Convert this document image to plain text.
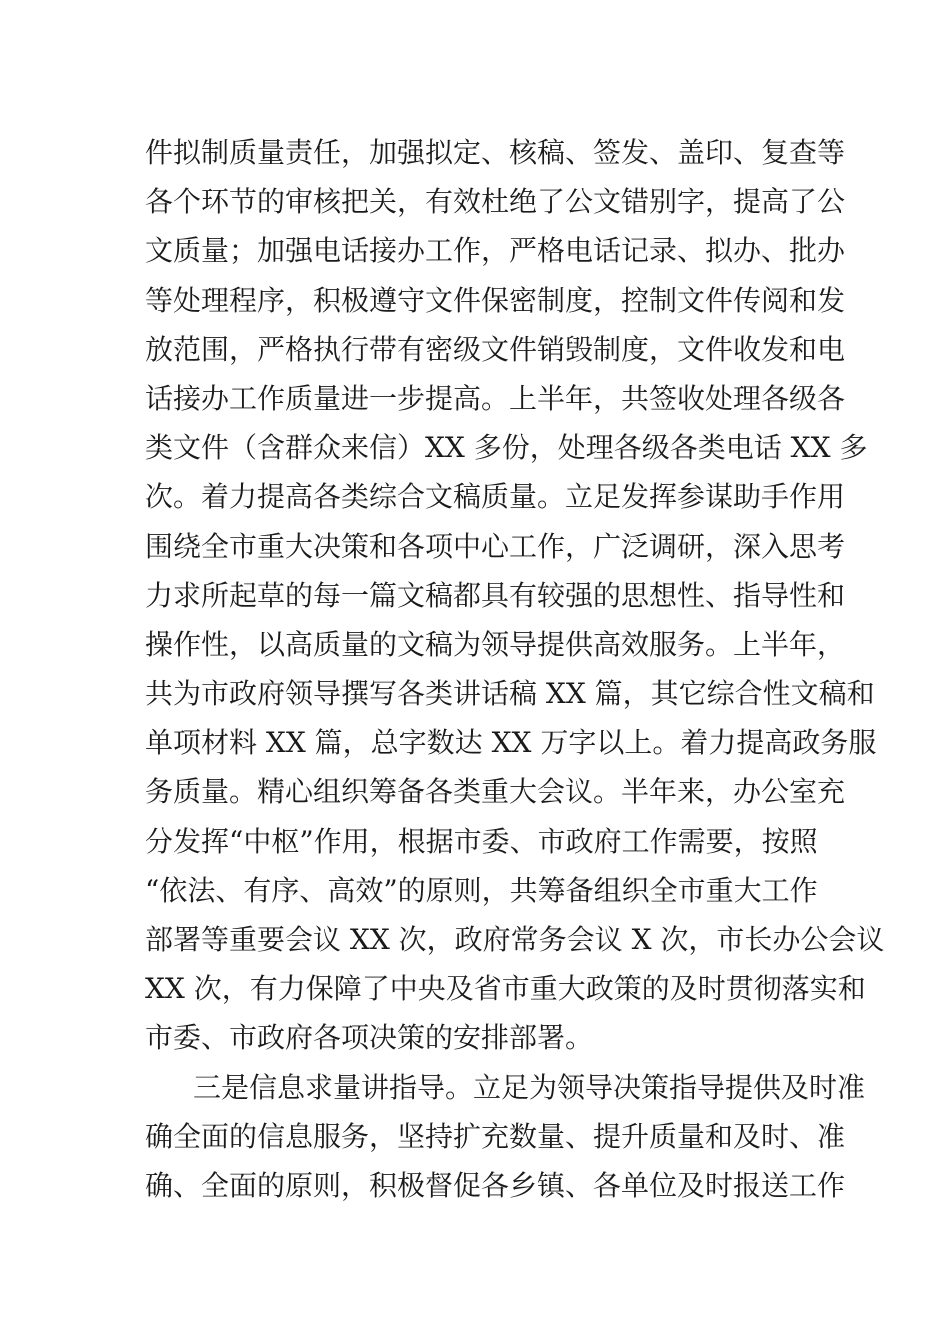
件拟制质量责任，加强拟定、核稿、签发、盖印、复查等
各个环节的审核把关，有效杜绝了公文错别字，提高了公
文质量；加强电话接办工作，严格电话记录、拟办、批办
等处理程序，积极遵守文件保密制度，控制文件传阅和发
放范围，严格执行带有密级文件销毁制度，文件收发和电
话接办工作质量进一步提高。上半年，共签收处理各级各
类文件（含群众来信）XX 多份，处理各级各类电话 XX 多
次。着力提高各类综合文稿质量。立足发挥参谋助手作用
围绕全市重大决策和各项中心工作，广泛调研，深入思考
力求所起草的每一篇文稿都具有较强的思想性、指导性和
操作性，以高质量的文稿为领导提供高效服务。上半年，
共为市政府领导撰写各类讲话稿 XX 篇，其它综合性文稿和
单项材料 XX 篇，总字数达 XX 万字以上。着力提高政务服
务质量。精心组织筹备各类重大会议。半年来，办公室充
分发挥“中枢”作用，根据市委、市政府工作需要，按照
“依法、有序、高效”的原则，共筹备组织全市重大工作
部署等重要会议 XX 次，政府常务会议 X 次，市长办公会议
XX 次，有力保障了中央及省市重大政策的及时贯彻落实和
市委、市政府各项决策的安排部署。
三是信息求量讲指导。立足为领导决策指导提供及时准
确全面的信息服务，坚持扩充数量、提升质量和及时、准
确、全面的原则，积极督促各乡镇、各单位及时报送工作
